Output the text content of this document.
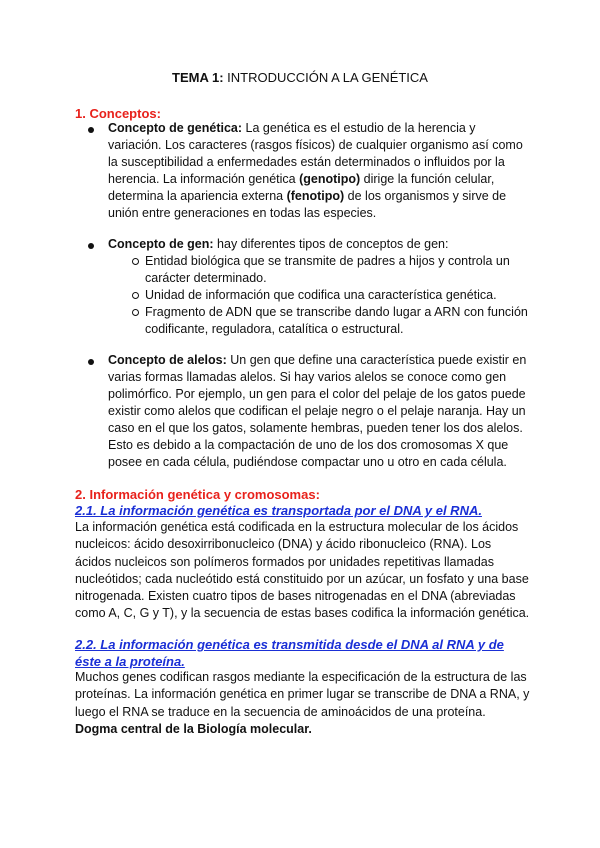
TEMA 1: INTRODUCCIÓN A LA GENÉTICA
1. Conceptos:
Concepto de genética: La genética es el estudio de la herencia y variación. Los caracteres (rasgos físicos) de cualquier organismo así como la susceptibilidad a enfermedades están determinados o influidos por la herencia. La información genética (genotipo) dirige la función celular, determina la apariencia externa (fenotipo) de los organismos y sirve de unión entre generaciones en todas las especies.
Concepto de gen: hay diferentes tipos de conceptos de gen:
Entidad biológica que se transmite de padres a hijos y controla un carácter determinado.
Unidad de información que codifica una característica genética.
Fragmento de ADN que se transcribe dando lugar a ARN con función codificante, reguladora, catalítica o estructural.
Concepto de alelos: Un gen que define una característica puede existir en varias formas llamadas alelos. Si hay varios alelos se conoce como gen polimórfico. Por ejemplo, un gen para el color del pelaje de los gatos puede existir como alelos que codifican el pelaje negro o el pelaje naranja. Hay un caso en el que los gatos, solamente hembras, pueden tener los dos alelos. Esto es debido a la compactación de uno de los dos cromosomas X que posee en cada célula, pudiéndose compactar uno u otro en cada célula.
2. Información genética y cromosomas:
2.1. La información genética es transportada por el DNA y el RNA.
La información genética está codificada en la estructura molecular de los ácidos nucleicos: ácido desoxirribonucleico (DNA) y ácido ribonucleico (RNA). Los ácidos nucleicos son polímeros formados por unidades repetitivas llamadas nucleótidos; cada nucleótido está constituido por un azúcar, un fosfato y una base nitrogenada. Existen cuatro tipos de bases nitrogenadas en el DNA (abreviadas como A, C, G y T), y la secuencia de estas bases codifica la información genética.
2.2. La información genética es transmitida desde el DNA al RNA y de éste a la proteína.
Muchos genes codifican rasgos mediante la especificación de la estructura de las proteínas. La información genética en primer lugar se transcribe de DNA a RNA, y luego el RNA se traduce en la secuencia de aminoácidos de una proteína. Dogma central de la Biología molecular.
